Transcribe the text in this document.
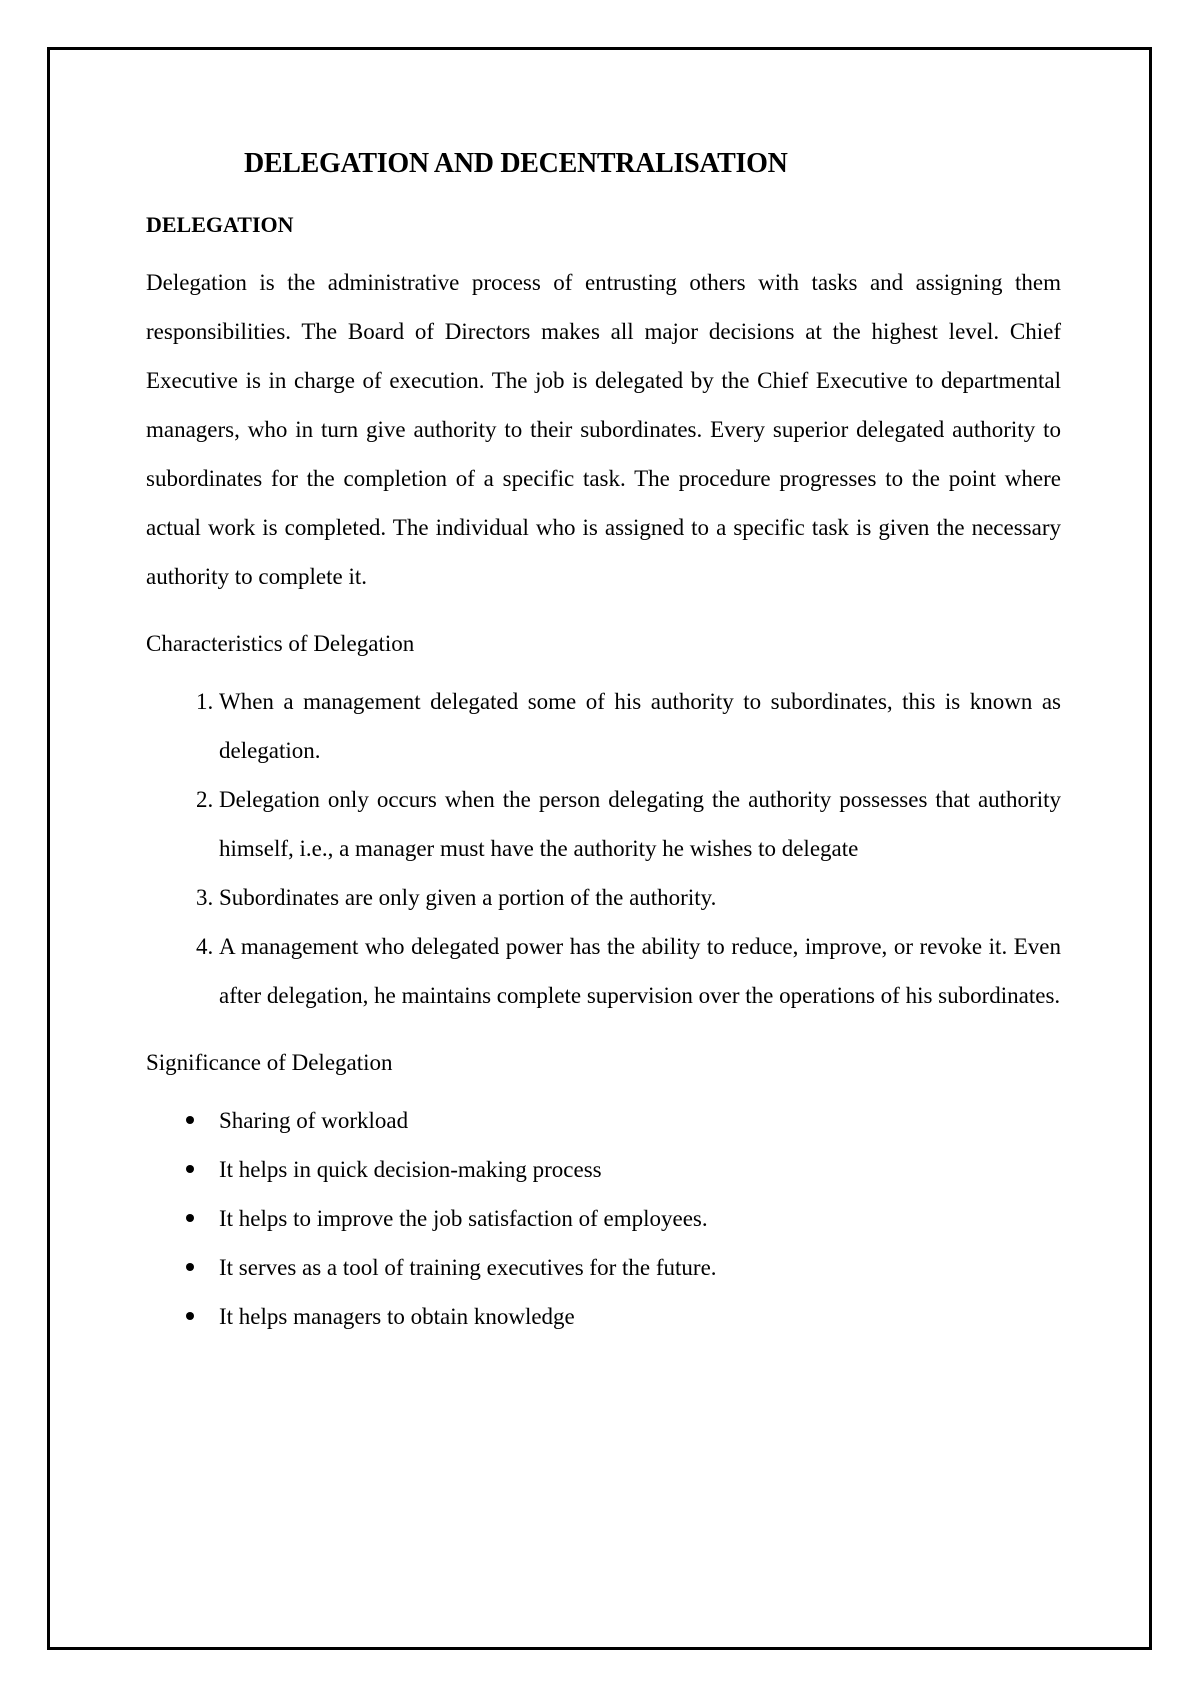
DELEGATION AND DECENTRALISATION
DELEGATION

Delegation is the administrative process of entrusting others with tasks and assigning them responsibilities. The Board of Directors makes all major decisions at the highest level. Chief Executive is in charge of execution. The job is delegated by the Chief Executive to departmental managers, who in turn give authority to their subordinates. Every superior delegated authority to subordinates for the completion of a specific task. The procedure progresses to the point where actual work is completed. The individual who is assigned to a specific task is given the necessary authority to complete it.

Characteristics of Delegation
1. When a management delegated some of his authority to subordinates, this is known as delegation.
2. Delegation only occurs when the person delegating the authority possesses that authority himself, i.e., a manager must have the authority he wishes to delegate
3. Subordinates are only given a portion of the authority.
4. A management who delegated power has the ability to reduce, improve, or revoke it. Even after delegation, he maintains complete supervision over the operations of his subordinates.
Significance of Delegation
Sharing of workload
It helps in quick decision-making process
It helps to improve the job satisfaction of employees.
It serves as a tool of training executives for the future.
It helps managers to obtain knowledge
